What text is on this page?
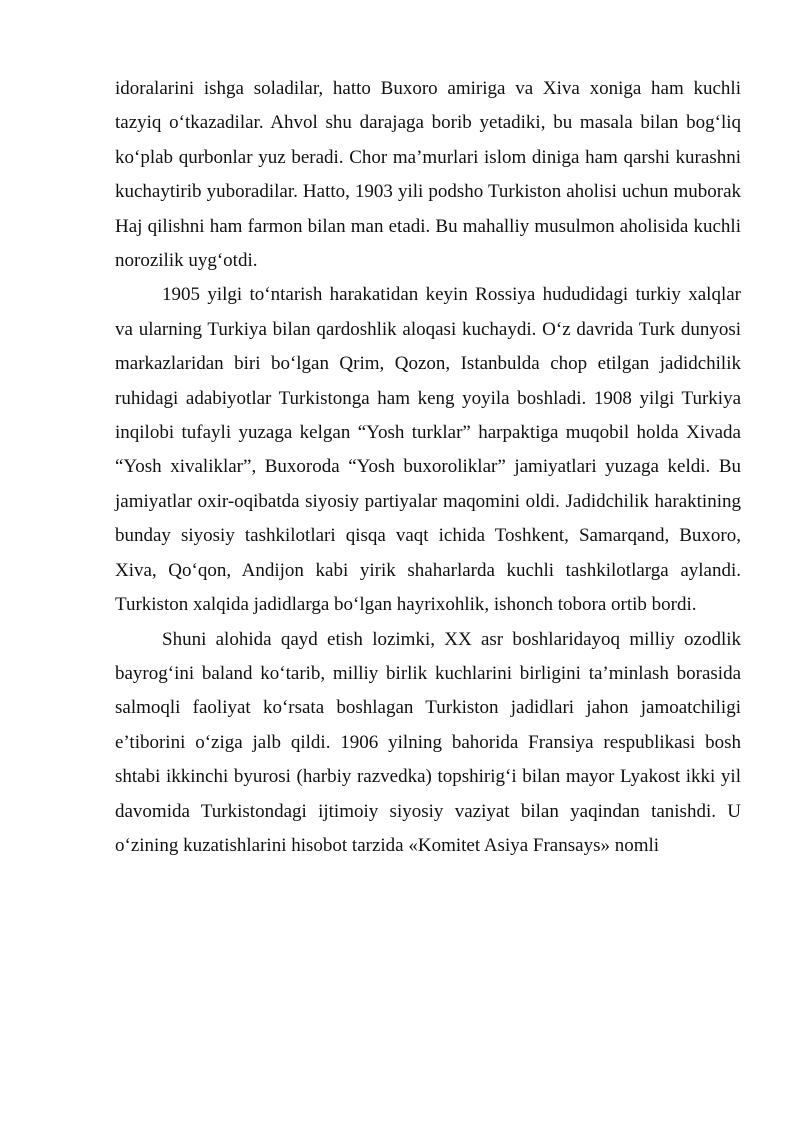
idoralarini ishga soladilar, hatto Buxoro amiriga va Xiva xoniga ham kuchli tazyiq o‘tkazadilar. Ahvol shu darajaga borib yetadiki, bu masala bilan bog‘liq ko‘plab qurbonlar yuz beradi. Chor ma’murlari islom diniga ham qarshi kurashni kuchaytirib yuboradilar. Hatto, 1903 yili podsho Turkiston aholisi uchun muborak Haj qilishni ham farmon bilan man etadi. Bu mahalliy musulmon aholisida kuchli norozilik uyg‘otdi.

1905 yilgi to‘ntarish harakatidan keyin Rossiya hududidagi turkiy xalqlar va ularning Turkiya bilan qardoshlik aloqasi kuchaydi. O‘z davrida Turk dunyosi markazlaridan biri bo‘lgan Qrim, Qozon, Istanbulda chop etilgan jadidchilik ruhidagi adabiyotlar Turkistonga ham keng yoyila boshladi. 1908 yilgi Turkiya inqilobi tufayli yuzaga kelgan “Yosh turklar” harpaktiga muqobil holda Xivada “Yosh xivaliklar”, Buxoroda “Yosh buxoroliklar” jamiyatlari yuzaga keldi. Bu jamiyatlar oxir-oqibatda siyosiy partiyalar maqomini oldi. Jadidchilik haraktining bunday siyosiy tashkilotlari qisqa vaqt ichida Toshkent, Samarqand, Buxoro, Xiva, Qo‘qon, Andijon kabi yirik shaharlarda kuchli tashkilotlarga aylandi. Turkiston xalqida jadidlarga bo‘lgan hayrixohlik, ishonch tobora ortib bordi.

Shuni alohida qayd etish lozimki, XX asr boshlaridayoq milliy ozodlik bayrog‘ini baland ko‘tarib, milliy birlik kuchlarini birligini ta’minlash borasida salmoqli faoliyat ko‘rsata boshlagan Turkiston jadidlari jahon jamoatchiligi e’tiborini o‘ziga jalb qildi. 1906 yilning bahorida Fransiya respublikasi bosh shtabi ikkinchi byurosi (harbiy razvedka) topshirig‘i bilan mayor Lyakost ikki yil davomida Turkistondagi ijtimoiy siyosiy vaziyat bilan yaqindan tanishdi. U o‘zining kuzatishlarini hisobot tarzida «Komitet Asiya Fransays» nomli
